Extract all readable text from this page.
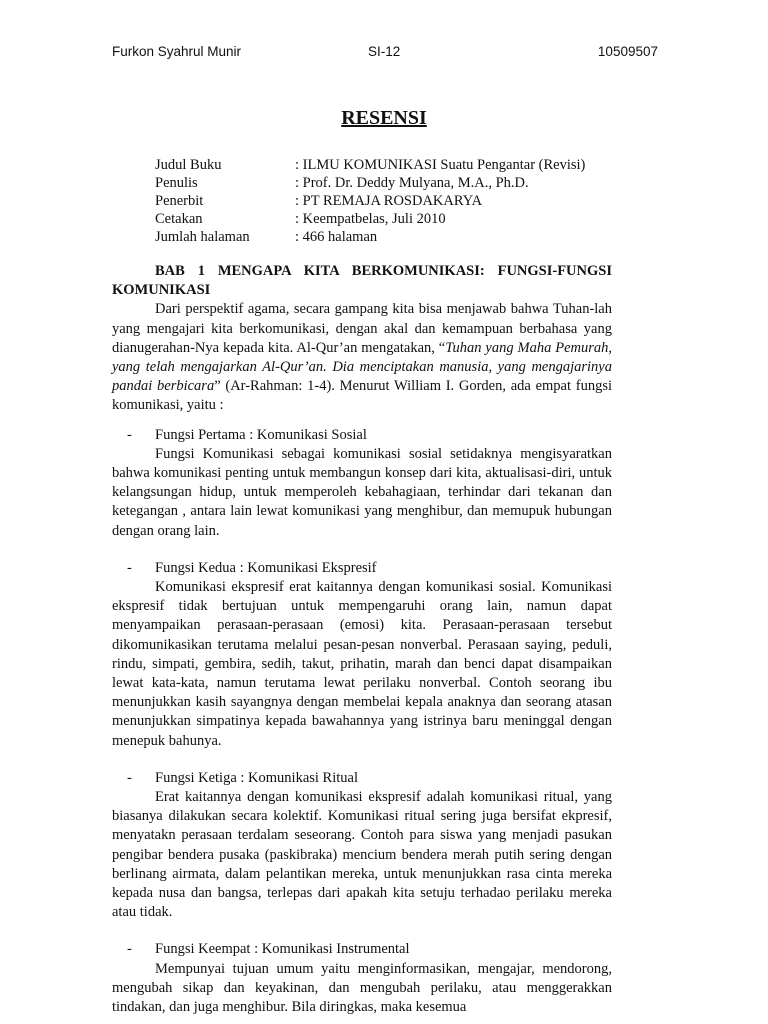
Furkon Syahrul Munir	SI-12	10509507
RESENSI
Judul Buku	: ILMU KOMUNIKASI Suatu Pengantar (Revisi)
Penulis	: Prof. Dr. Deddy Mulyana, M.A., Ph.D.
Penerbit	: PT REMAJA ROSDAKARYA
Cetakan	: Keempatbelas, Juli 2010
Jumlah halaman	: 466 halaman

BAB 1 MENGAPA KITA BERKOMUNIKASI: FUNGSI-FUNGSI KOMUNIKASI

Dari perspektif agama, secara gampang kita bisa menjawab bahwa Tuhan-lah yang mengajari kita berkomunikasi, dengan akal dan kemampuan berbahasa yang dianugerahan-Nya kepada kita. Al-Qur’an mengatakan, “Tuhan yang Maha Pemurah, yang telah mengajarkan Al-Qur’an. Dia menciptakan manusia, yang mengajarinya pandai berbicara” (Ar-Rahman: 1-4). Menurut William I. Gorden, ada empat fungsi komunikasi, yaitu :

- Fungsi Pertama : Komunikasi Sosial

Fungsi Komunikasi sebagai komunikasi sosial setidaknya mengisyaratkan bahwa komunikasi penting untuk membangun konsep dari kita, aktualisasi-diri, untuk kelangsungan hidup, untuk memperoleh kebahagiaan, terhindar dari tekanan dan ketegangan , antara lain lewat komunikasi yang menghibur, dan memupuk hubungan dengan orang lain.

- Fungsi Kedua : Komunikasi Ekspresif

Komunikasi ekspresif erat kaitannya dengan komunikasi sosial. Komunikasi ekspresif tidak bertujuan untuk mempengaruhi orang lain, namun dapat menyampaikan perasaan-perasaan (emosi) kita. Perasaan-perasaan tersebut dikomunikasikan terutama melalui pesan-pesan nonverbal. Perasaan saying, peduli, rindu, simpati, gembira, sedih, takut, prihatin, marah dan benci dapat disampaikan lewat kata-kata, namun terutama lewat perilaku nonverbal. Contoh seorang ibu menunjukkan kasih sayangnya dengan membelai kepala anaknya dan seorang atasan menunjukkan simpatinya kepada bawahannya yang istrinya baru meninggal dengan menepuk bahunya.

- Fungsi Ketiga : Komunikasi Ritual

Erat kaitannya dengan komunikasi ekspresif adalah komunikasi ritual, yang biasanya dilakukan secara kolektif. Komunikasi ritual sering juga bersifat ekpresif, menyatakn perasaan terdalam seseorang. Contoh para siswa yang menjadi pasukan pengibar bendera pusaka (paskibraka) mencium bendera merah putih sering dengan berlinang airmata, dalam pelantikan mereka, untuk menunjukkan rasa cinta mereka kepada nusa dan bangsa, terlepas dari apakah kita setuju terhadao perilaku mereka atau tidak.

- Fungsi Keempat : Komunikasi Instrumental

Mempunyai tujuan umum yaitu menginformasikan, mengajar, mendorong, mengubah sikap dan keyakinan, dan mengubah perilaku, atau menggerakkan tindakan, dan juga menghibur. Bila diringkas, maka kesemua
